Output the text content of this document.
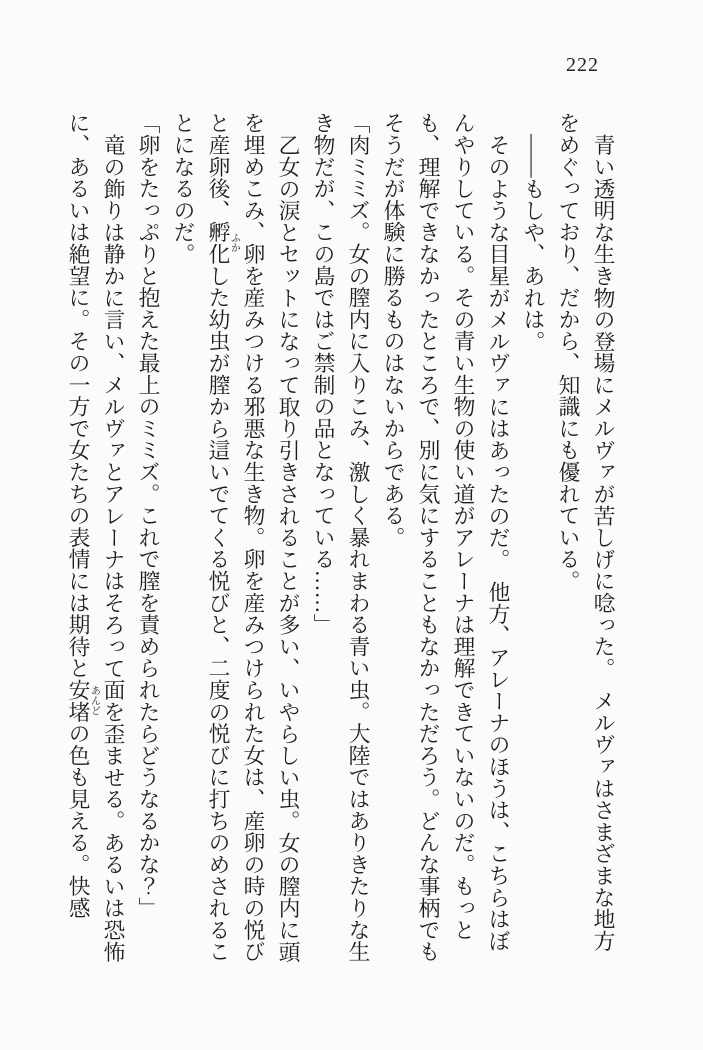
222

青い透明な生き物の登場にメルヴァが苦しげに唸った。　メルヴァはさまざまな地方をめぐっており、だから、知識にも優れている。

――もしや、あれは。

そのような目星がメルヴァにはあったのだ。　他方、アレーナのほうは、こちらはぼんやりしている。その青い生物の使い道がアレーナは理解できていないのだ。もっとも、理解できなかったところで、別に気にすることもなかっただろう。どんな事柄でもそうだが体験に勝るものはないからである。

「肉ミミズ。女の膣内に入りこみ、激しく暴れまわる青い虫。大陸ではありきたりな生き物だが、この島ではご禁制の品となっている……」

乙女の涙とセットになって取り引きされることが多い、いやらしい虫。女の膣内に頭を埋めこみ、卵を産みつける邪悪な生き物。卵を産みつけられた女は、産卵の時の悦びと産卵後、孵化ふかした幼虫が膣から這いでてくる悦びと、二度の悦びに打ちのめされることになるのだ。

「卵をたっぷりと抱えた最上のミミズ。これで膣を責められたらどうなるかな？」

竜の飾りは静かに言い、メルヴァとアレーナはそろって面を歪ませる。あるいは恐怖に、あるいは絶望に。その一方で女たちの表情には期待と安堵あんどの色も見える。快感
